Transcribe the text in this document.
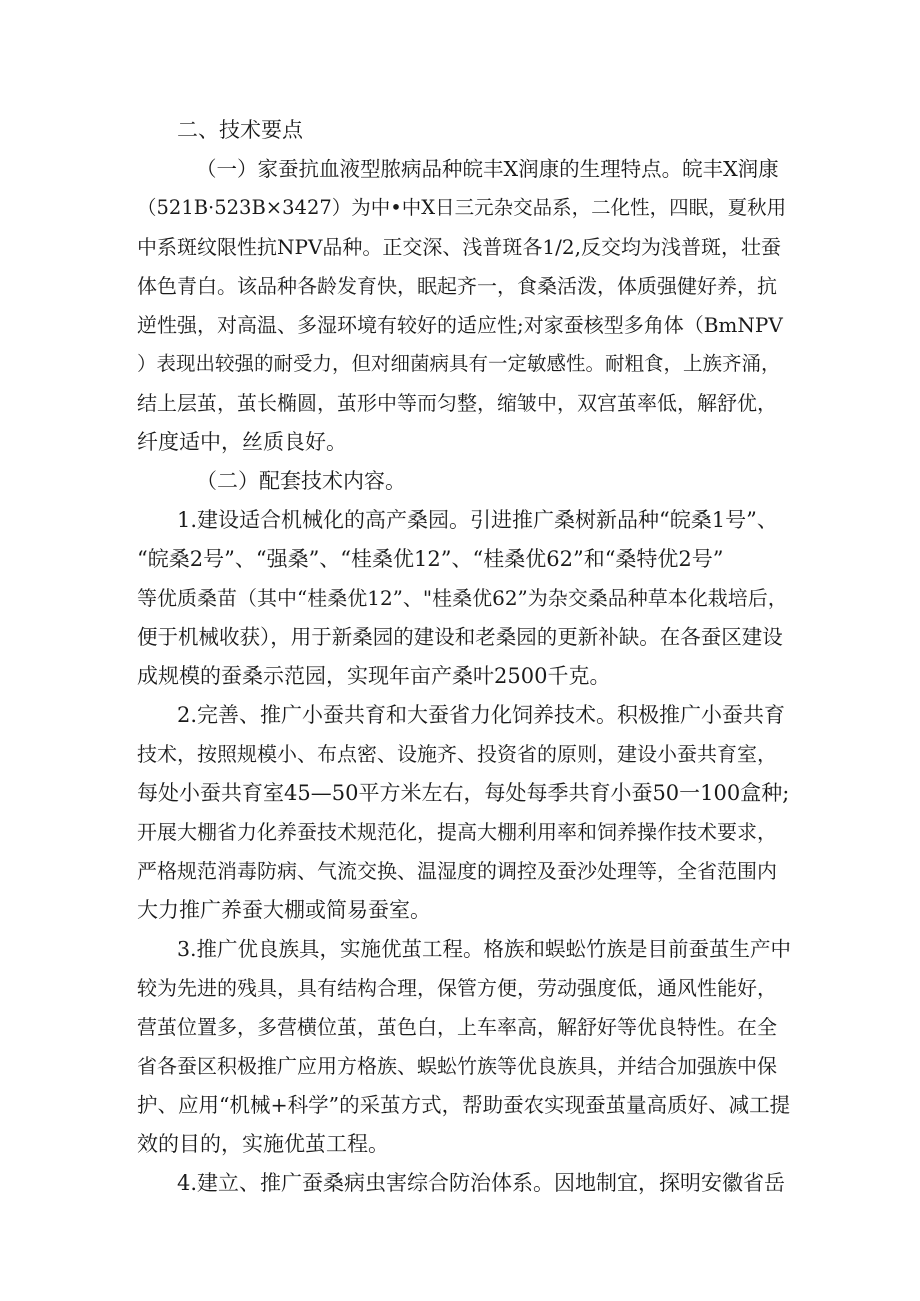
二、技术要点
（一）家蚕抗血液型脓病品种皖丰X润康的生理特点。皖丰X润康
（521B·523B×3427）为中•中X日三元杂交品系，二化性，四眠，夏秋用
中系斑纹限性抗NPV品种。正交深、浅普斑各1/2,反交均为浅普斑，壮蚕
体色青白。该品种各龄发育快，眠起齐一，食桑活泼，体质强健好养，抗
逆性强，对高温、多湿环境有较好的适应性;对家蚕核型多角体（BmNPV
）表现出较强的耐受力，但对细菌病具有一定敏感性。耐粗食，上族齐涌，
结上层茧，茧长椭圆，茧形中等而匀整，缩皱中，双宫茧率低，解舒优，
纤度适中，丝质良好。
（二）配套技术内容。
1.建设适合机械化的高产桑园。引进推广桑树新品种“皖桑1号”、
“皖桑2号”、“强桑”、“桂桑优12”、“桂桑优62”和“桑特优2号”
等优质桑苗（其中“桂桑优12”、"桂桑优62”为杂交桑品种草本化栽培后，
便于机械收获），用于新桑园的建设和老桑园的更新补缺。在各蚕区建设
成规模的蚕桑示范园，实现年亩产桑叶2500千克。
2.完善、推广小蚕共育和大蚕省力化饲养技术。积极推广小蚕共育
技术，按照规模小、布点密、设施齐、投资省的原则，建设小蚕共育室，
每处小蚕共育室45—50平方米左右，每处每季共育小蚕50一100盒种;
开展大棚省力化养蚕技术规范化，提高大棚利用率和饲养操作技术要求，
严格规范消毒防病、气流交换、温湿度的调控及蚕沙处理等，全省范围内
大力推广养蚕大棚或简易蚕室。
3.推广优良族具，实施优茧工程。格族和蜈蚣竹族是目前蚕茧生产中
较为先进的残具，具有结构合理，保管方便，劳动强度低，通风性能好，
营茧位置多，多营横位茧，茧色白，上车率高，解舒好等优良特性。在全
省各蚕区积极推广应用方格族、蜈蚣竹族等优良族具，并结合加强族中保
护、应用“机械+科学”的采茧方式，帮助蚕农实现蚕茧量高质好、减工提
效的目的，实施优茧工程。
4.建立、推广蚕桑病虫害综合防治体系。因地制宜，探明安徽省岳
